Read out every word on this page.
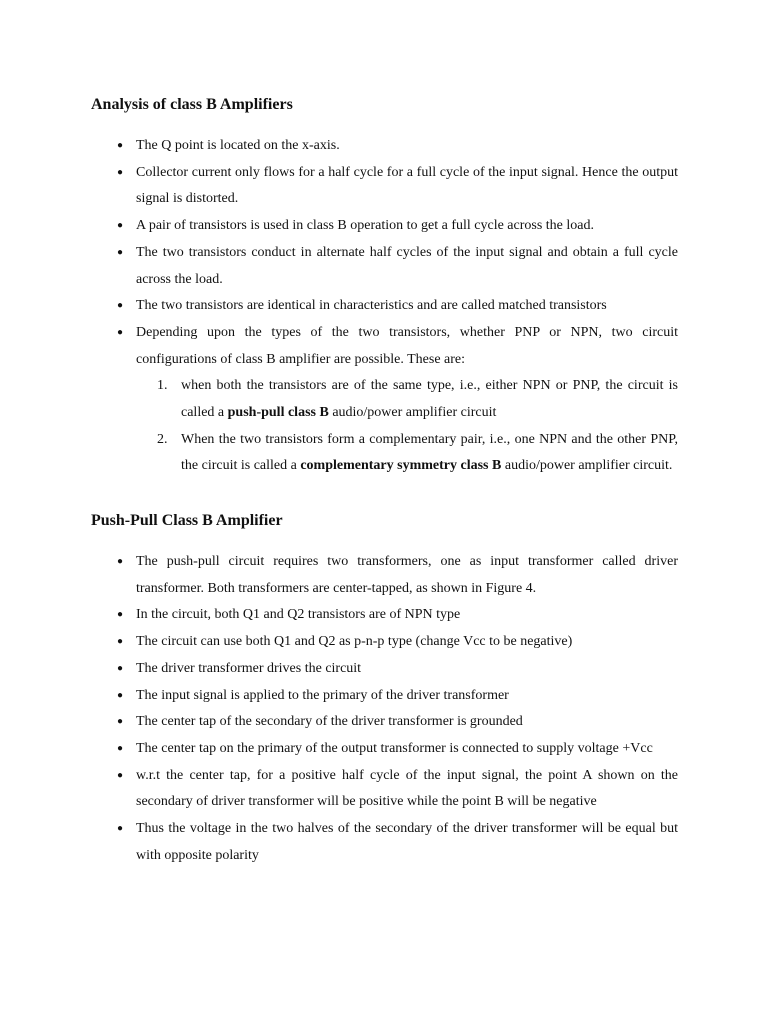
Analysis of class B Amplifiers
● The Q point is located on the x-axis.
● Collector current only flows for a half cycle for a full cycle of the input signal. Hence the output signal is distorted.
● A pair of transistors is used in class B operation to get a full cycle across the load.
● The two transistors conduct in alternate half cycles of the input signal and obtain a full cycle across the load.
● The two transistors are identical in characteristics and are called matched transistors
● Depending upon the types of the two transistors, whether PNP or NPN, two circuit configurations of class B amplifier are possible. These are:
1. when both the transistors are of the same type, i.e., either NPN or PNP, the circuit is called a push-pull class B audio/power amplifier circuit
2. When the two transistors form a complementary pair, i.e., one NPN and the other PNP, the circuit is called a complementary symmetry class B audio/power amplifier circuit.
Push-Pull Class B Amplifier
● The push-pull circuit requires two transformers, one as input transformer called driver transformer. Both transformers are center-tapped, as shown in Figure 4.
● In the circuit, both Q1 and Q2 transistors are of NPN type
● The circuit can use both Q1 and Q2 as p-n-p type (change Vcc to be negative)
● The driver transformer drives the circuit
● The input signal is applied to the primary of the driver transformer
● The center tap of the secondary of the driver transformer is grounded
● The center tap on the primary of the output transformer is connected to supply voltage +Vcc
● w.r.t the center tap, for a positive half cycle of the input signal, the point A shown on the secondary of driver transformer will be positive while the point B will be negative
● Thus the voltage in the two halves of the secondary of the driver transformer will be equal but with opposite polarity
